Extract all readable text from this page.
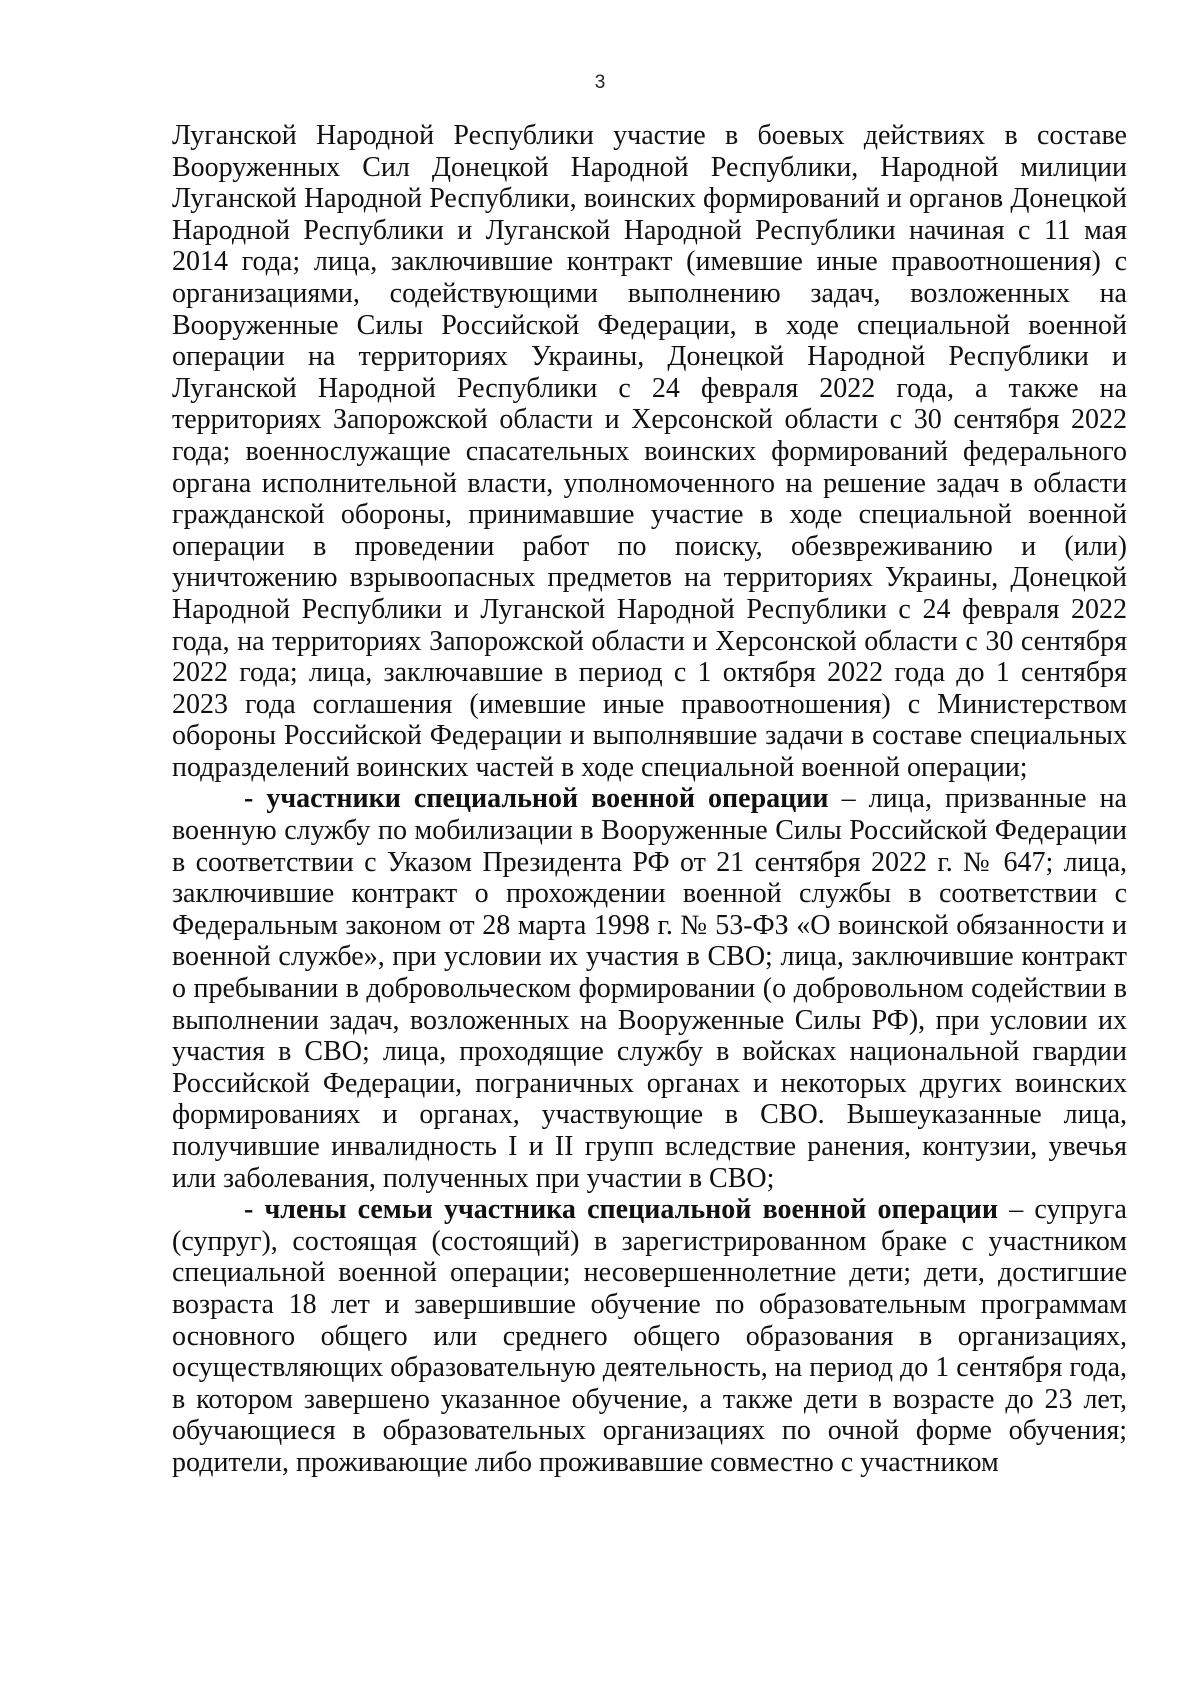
3

Луганской Народной Республики участие в боевых действиях в составе Вооруженных Сил Донецкой Народной Республики, Народной милиции Луганской Народной Республики, воинских формирований и органов Донецкой Народной Республики и Луганской Народной Республики начиная с 11 мая 2014 года; лица, заключившие контракт (имевшие иные правоотношения) с организациями, содействующими выполнению задач, возложенных на Вооруженные Силы Российской Федерации, в ходе специальной военной операции на территориях Украины, Донецкой Народной Республики и Луганской Народной Республики с 24 февраля 2022 года, а также на территориях Запорожской области и Херсонской области с 30 сентября 2022 года; военнослужащие спасательных воинских формирований федерального органа исполнительной власти, уполномоченного на решение задач в области гражданской обороны, принимавшие участие в ходе специальной военной операции в проведении работ по поиску, обезвреживанию и (или) уничтожению взрывоопасных предметов на территориях Украины, Донецкой Народной Республики и Луганской Народной Республики с 24 февраля 2022 года, на территориях Запорожской области и Херсонской области с 30 сентября 2022 года; лица, заключавшие в период с 1 октября 2022 года до 1 сентября 2023 года соглашения (имевшие иные правоотношения) с Министерством обороны Российской Федерации и выполнявшие задачи в составе специальных подразделений воинских частей в ходе специальной военной операции;

- участники специальной военной операции – лица, призванные на военную службу по мобилизации в Вооруженные Силы Российской Федерации в соответствии с Указом Президента РФ от 21 сентября 2022 г. № 647; лица, заключившие контракт о прохождении военной службы в соответствии с Федеральным законом от 28 марта 1998 г. № 53-ФЗ «О воинской обязанности и военной службе», при условии их участия в СВО; лица, заключившие контракт о пребывании в добровольческом формировании (о добровольном содействии в выполнении задач, возложенных на Вооруженные Силы РФ), при условии их участия в СВО; лица, проходящие службу в войсках национальной гвардии Российской Федерации, пограничных органах и некоторых других воинских формированиях и органах, участвующие в СВО. Вышеуказанные лица, получившие инвалидность I и II групп вследствие ранения, контузии, увечья или заболевания, полученных при участии в СВО;

- члены семьи участника специальной военной операции – супруга (супруг), состоящая (состоящий) в зарегистрированном браке с участником специальной военной операции; несовершеннолетние дети; дети, достигшие возраста 18 лет и завершившие обучение по образовательным программам основного общего или среднего общего образования в организациях, осуществляющих образовательную деятельность, на период до 1 сентября года, в котором завершено указанное обучение, а также дети в возрасте до 23 лет, обучающиеся в образовательных организациях по очной форме обучения; родители, проживающие либо проживавшие совместно с участником
